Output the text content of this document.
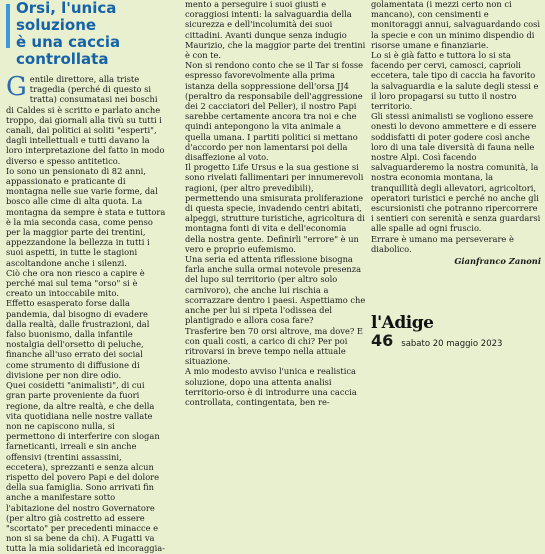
Orsi, l'unica soluzione
è una caccia controllata

Gentile direttore, alla triste tragedia (perché di questo si tratta) consumatasi nei boschi di Caldes si è scritto e parlato anche troppo, dai giornali alla tivù su tutti i canali, dai politici ai soliti "esperti", dagli intellettuali e tutti davano la loro interpretazione del fatto in modo diverso e spesso antitetico.

Io sono un pensionato di 82 anni, appassionato e praticante di montagna nelle sue varie forme, dal bosco alle cime di alta quota. La montagna da sempre è stata e tuttora è la mia seconda casa, come penso per la maggior parte dei trentini, appezzandone la bellezza in tutti i suoi aspetti, in tutte le stagioni ascoltandone anche i silenzi.

Ciò che ora non riesco a capire è perché mai sul tema "orso" si è creato un intoccabile mito.

Effetto esasperato forse dalla pandemia, dal bisogno di evadere dalla realtà, dalle frustrazioni, dal falso buonismo, dalla infantile nostalgia dell'orsetto di peluche, finanche all'uso errato dei social come strumento di diffusione di divisione per non dire odio.

Quei cosidetti "animalisti", di cui gran parte proveniente da fuori regione, da altre realtà, e che della vita quotidiana nelle nostre vallate non ne capiscono nulla, si permettono di interferire con slogan farneticanti, irreali e sin anche offensivi (trentini assassini, eccetera), sprezzanti e senza alcun rispetto del povero Papi e del dolore della sua famiglia. Sono arrivati fin anche a manifestare sotto l'abitazione del nostro Governatore (per altro già costretto ad essere "scortato" per precedenti minacce e non si sa bene da chi). A Fugatti va tutta la mia solidarietà ed incoraggia-

mento a perseguire i suoi giusti e coraggiosi intenti: la salvaguardia della sicurezza e dell'incolumità dei suoi cittadini. Avanti dunque senza indugio Maurizio, che la maggior parte dei trentini è con te.

Non si rendono conto che se il Tar si fosse espresso favorevolmente alla prima istanza della soppressione dell'orsa JJ4 (peraltro da responsabile dell'aggressione dei 2 cacciatori del Peller), il nostro Papi sarebbe certamente ancora tra noi e che quindi antepongono la vita animale a quella umana. I partiti politici si mettano d'accordo per non lamentarsi poi della disaffezione al voto.

Il progetto Life Ursus e la sua gestione si sono rivelati fallimentari per innumerevoli ragioni, (per altro prevedibili), permettendo una smisurata proliferazione di questa specie, invadendo centri abitati, alpeggi, strutture turistiche, agricoltura di montagna fonti di vita e dell'economia della nostra gente. Definirli "errore" è un vero e proprio eufemismo.

Una seria ed attenta riflessione bisogna farla anche sulla ormai notevole presenza del lupo sul territorio (per altro solo carnivoro), che anche lui rischia a scorrazzare dentro i paesi. Aspettiamo che anche per lui si ripeta l'odissea del plantigrado e allora cosa fare?

Trasferire ben 70 orsi altrove, ma dove? E con quali costi, a carico di chi? Per poi ritrovarsi in breve tempo nella attuale situazione.

A mio modesto avviso l'unica e realistica soluzione, dopo una attenta analisi territorio-orso è di introdurre una caccia controllata, contingentata, ben re-

golamentata (i mezzi certo non ci mancano), con censimenti e monitoraggi annui, salvaguardando così la specie e con un minimo dispendio di risorse umane e finanziarie.

Lo si è già fatto e tuttora lo si sta facendo per cervi, camosci, caprioli eccetera, tale tipo di caccia ha favorito la salvaguardia e la salute degli stessi e il loro propagarsi su tutto il nostro territorio.

Gli stessi animalisti se vogliono essere onesti lo devono ammettere e di essere soddisfatti di poter godere così anche loro di una tale diversità di fauna nelle nostre Alpi. Così facendo salvaguarderemo la nostra comunità, la nostra economia montana, la tranquillità degli allevatori, agricoltori, operatori turistici e perché no anche gli escursionisti che potranno ripercorrere i sentieri con serenità e senza guardarsi alle spalle ad ogni fruscio.

Errare è umano ma perseverare è diabolico.

Gianfranco Zanoni
l'Adige
46 sabato 20 maggio 2023
